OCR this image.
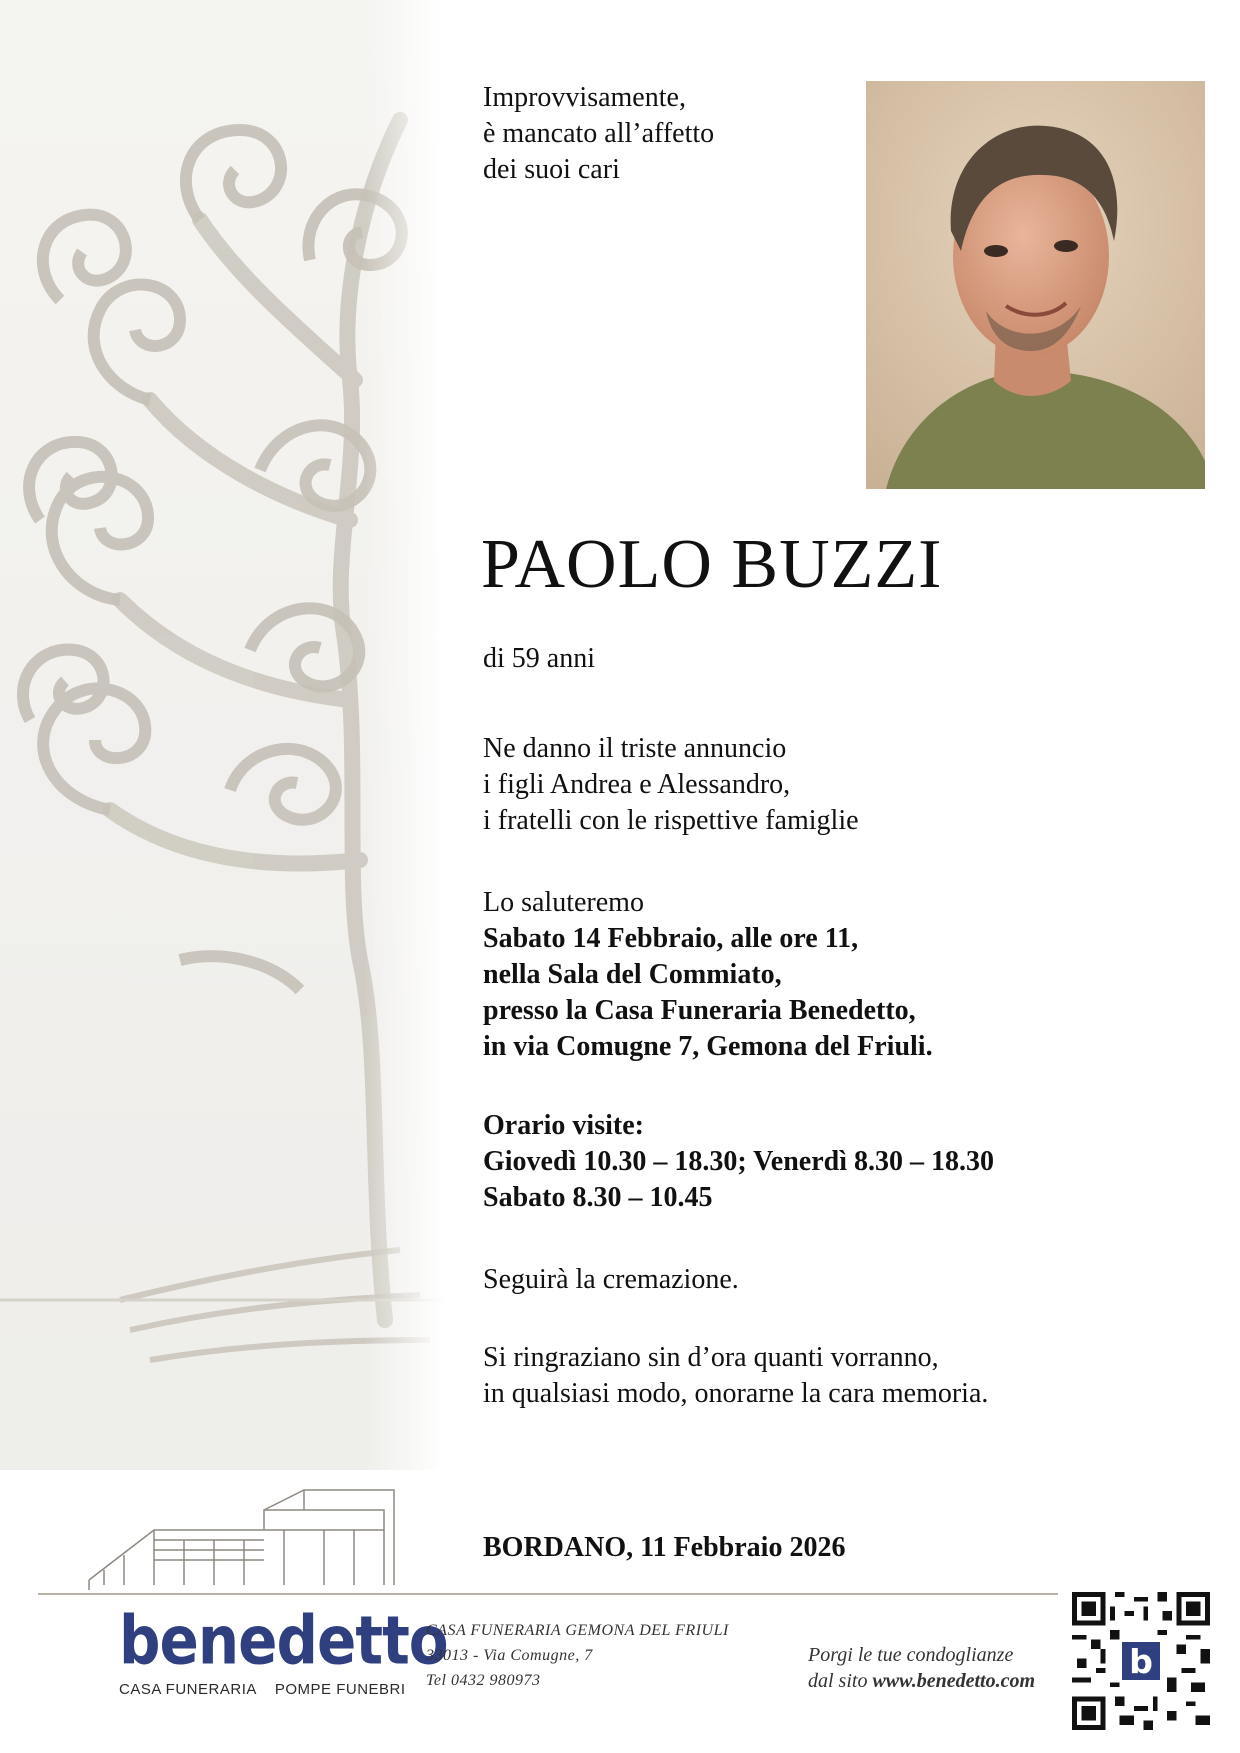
Improvvisamente,
è mancato all’affetto
dei suoi cari
PAOLO BUZZI
di 59 anni
Ne danno il triste annuncio
i figli Andrea e Alessandro,
i fratelli con le rispettive famiglie
Lo saluteremo
Sabato 14 Febbraio, alle ore 11,
nella Sala del Commiato,
presso la Casa Funeraria Benedetto,
in via Comugne 7, Gemona del Friuli.
Orario visite:
Giovedì 10.30 – 18.30; Venerdì 8.30 – 18.30
Sabato 8.30 – 10.45
Seguirà la cremazione.
Si ringraziano sin d’ora quanti vorranno,
in qualsiasi modo, onorarne la cara memoria.
BORDANO, 11 Febbraio 2026
benedetto
CASA FUNERARIA POMPE FUNEBRI
CASA FUNERARIA GEMONA DEL FRIULI
33013 - Via Comugne, 7
Tel 0432 980973
Porgi le tue condoglianze
dal sito www.benedetto.com
b
